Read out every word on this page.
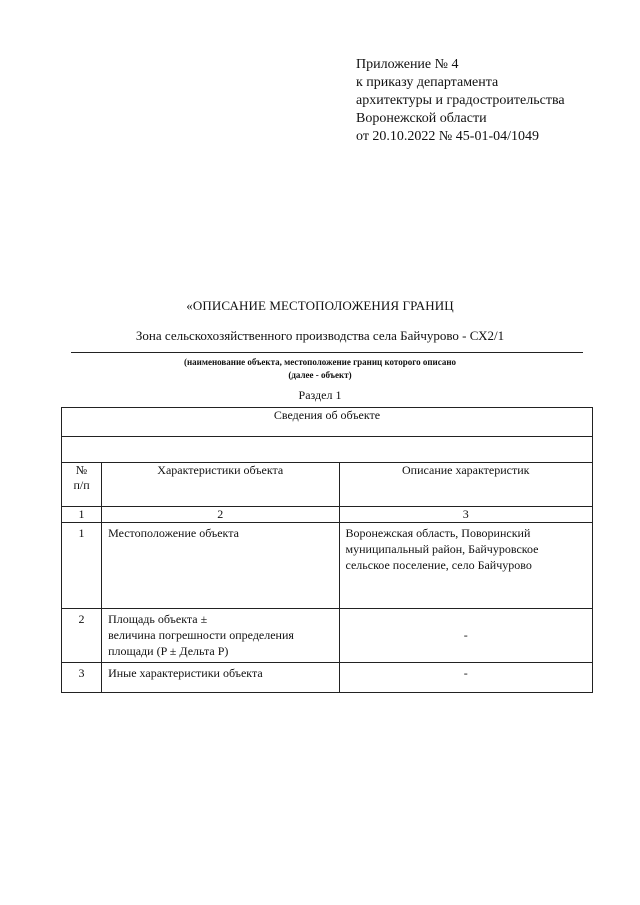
Приложение № 4
к приказу департамента
архитектуры и градостроительства
Воронежской области
от 20.10.2022 № 45-01-04/1049
«ОПИСАНИЕ МЕСТОПОЛОЖЕНИЯ ГРАНИЦ
Зона сельскохозяйственного производства села Байчурово - СХ2/1
(наименование объекта, местоположение границ которого описано
(далее - объект)
Раздел 1
Сведения об объекте		

№
п/п	Характеристики объекта	Описание характеристик
1	2	3

1	Местоположение объекта	Воронежская область, Поворинский
муниципальный район, Байчуровское
сельское поселение, село Байчурово

2	Площадь объекта ±
величина погрешности определения
площади (P ± Дельта P)	-

3	Иные характеристики объекта	-
